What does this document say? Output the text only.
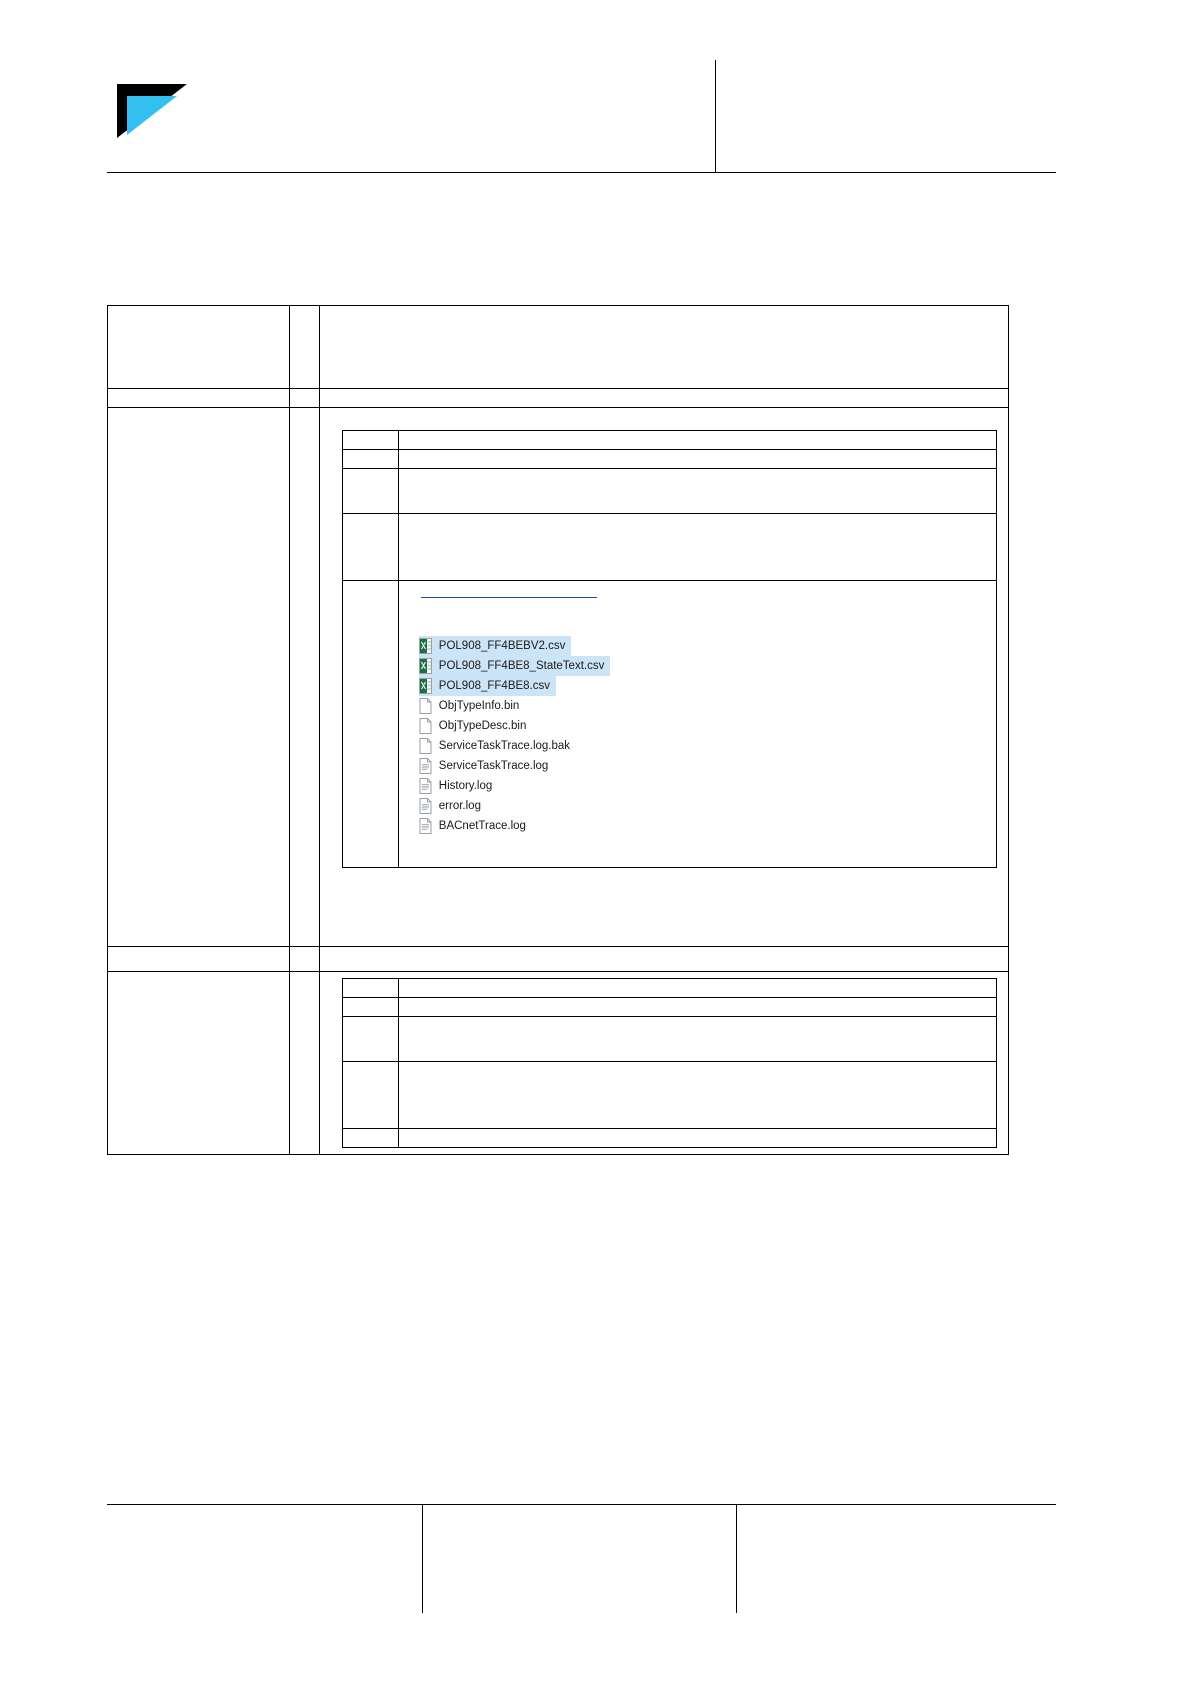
POL908_FF4BEBV2.csv
POL908_FF4BE8_StateText.csv
POL908_FF4BE8.csv
ObjTypeInfo.bin
ObjTypeDesc.bin
ServiceTaskTrace.log.bak
ServiceTaskTrace.log
History.log
error.log
BACnetTrace.log
